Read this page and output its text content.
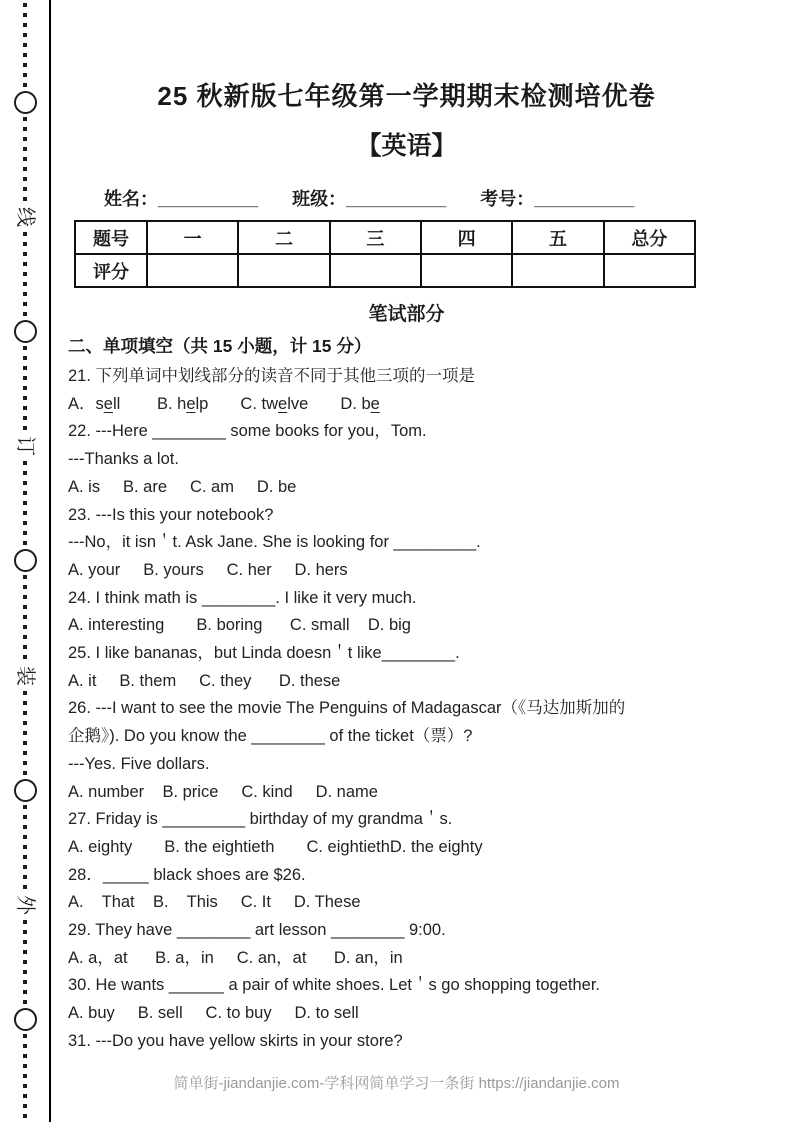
线
订
装
外
25 秋新版七年级第一学期期末检测培优卷
【英语】
姓名：__________ 班级：__________ 考号：__________
题号	一	二	三	四	五	总分
评分						
笔试部分
二、单项填空（共 15 小题，计 15 分）
21. 下列单词中划线部分的读音不同于其他三项的一项是
A．sell        B. help       C. twelve       D. be
22. ---Here ________ some books for you，Tom.
---Thanks a lot.
A. is     B. are     C. am     D. be
23. ---Is this your notebook?
---No，it isn＇t. Ask Jane. She is looking for _________.
A. your     B. yours     C. her     D. hers
24. I think math is ________. I like it very much.
A. interesting       B. boring      C. small    D. big
25. I like bananas，but Linda doesn＇t like________.
A. it     B. them     C. they      D. these
26. ---I want to see the movie The Penguins of Madagascar（《马达加斯加的
企鹅》). Do you know the ________ of the ticket（票）?
---Yes. Five dollars.
A. number    B. price     C. kind     D. name
27. Friday is _________ birthday of my grandma＇s.
A. eighty       B. the eightieth       C. eightiethD. the eighty
28．_____ black shoes are $26.
A.    That    B.    This     C. It     D. These
29. They have ________ art lesson ________ 9:00.
A. a，at      B. a，in     C. an，at      D. an，in
30. He wants ______ a pair of white shoes. Let＇s go shopping together.
A. buy     B. sell     C. to buy     D. to sell
31. ---Do you have yellow skirts in your store?
简单街-jiandanjie.com-学科网简单学习一条街 https://jiandanjie.com
